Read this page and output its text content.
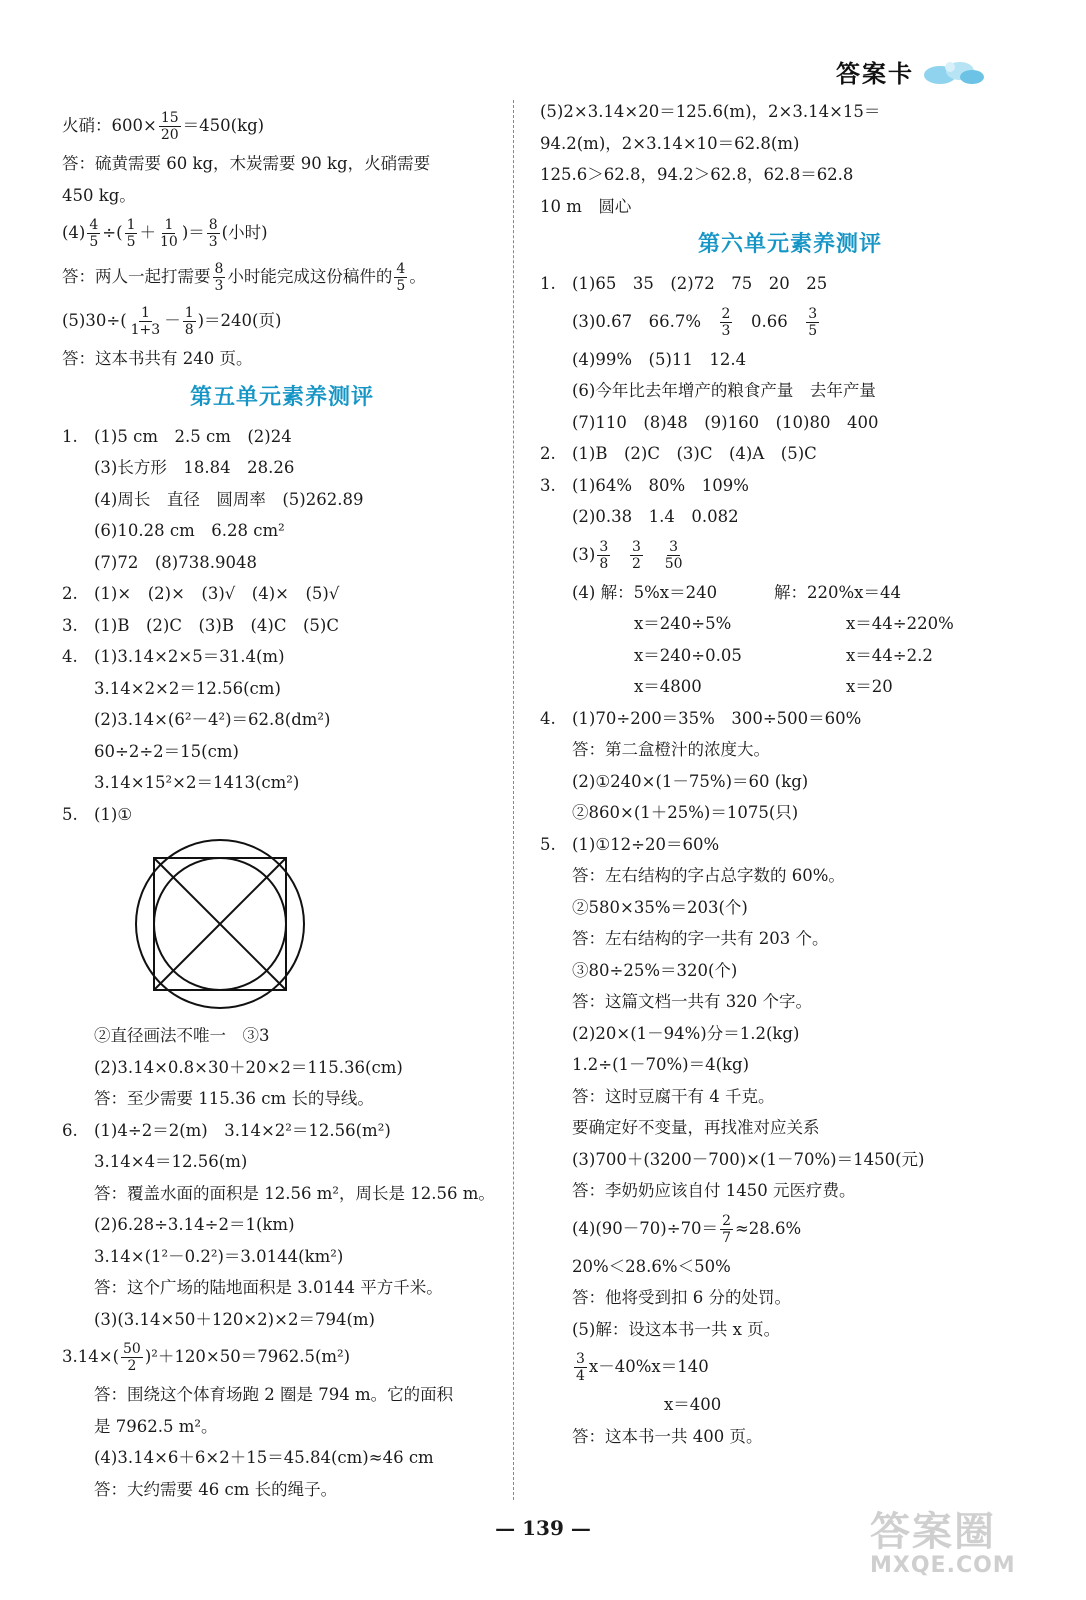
答案卡
火硝：$600\times \frac{15}{20} =450(kg)$
答：硫黄需要 60 kg，木炭需要 90 kg，火硝需要
450 kg。
$(4) \frac{4}{5}$ ÷( $\frac{1}{5} + \frac{1}{10}$ )＝ $\frac{8}{3}$ (小时)
答：两人一起打需要 $\frac{8}{3}$ 小时能完成这份稿件的 $\frac{4}{5}$ 。
$(5)30\div( \frac{1}{1+3} - \frac{1}{8} )=240$(页)
答：这本书共有 240 页。
第五单元素养测评
1. (1)5 cm　2.5 cm　(2)24
(3)长方形　18.84　28.26
(4)周长　直径　圆周率　(5)262.89
(6)10.28 cm　6.28 cm²
(7)72　(8)738.9048
2. (1)×　(2)×　(3)√　(4)×　(5)√
3. (1)B　(2)C　(3)B　(4)C　(5)C
4. (1)3.14×2×5＝31.4(m)
3.14×2×2＝12.56(cm)
(2)3.14×(6²－4²)＝62.8(dm²)
60÷2÷2＝15(cm)
3.14×15²×2＝1413(cm²)
5. (1)①
②直径画法不唯一　③3
(2)3.14×0.8×30＋20×2＝115.36(cm)
答：至少需要 115.36 cm 长的导线。
6. (1)4÷2＝2(m)　3.14×2²＝12.56(m²)
3.14×4＝12.56(m)
答：覆盖水面的面积是 12.56 m²，周长是 12.56 m。
(2)6.28÷3.14÷2＝1(km)
3.14×(1²－0.2²)＝3.0144(km²)
答：这个广场的陆地面积是 3.0144 平方千米。
(3)(3.14×50＋120×2)×2＝794(m)
$3.14\times( \frac{50}{2} )^2+120\times 50=7962.5(m^2)$
答：围绕这个体育场跑 2 圈是 794 m。它的面积
是 7962.5 m²。
(4)3.14×6＋6×2＋15＝45.84(cm)≈46 cm
答：大约需要 46 cm 长的绳子。
(5)2×3.14×20＝125.6(m)，2×3.14×15＝
94.2(m)，2×3.14×10＝62.8(m)
125.6＞62.8，94.2＞62.8，62.8＝62.8
10 m　圆心
第六单元素养测评
1. (1)65　35　(2)72　75　20　25
(3)0.6̇7̇　66.7%　 $\frac{2}{3}$ 　0.66　 $\frac{3}{5}$
(4)99%　(5)11　12.4
(6)今年比去年增产的粮食产量　去年产量
(7)110　(8)48　(9)160　(10)80　400
2. (1)B　(2)C　(3)C　(4)A　(5)C
3. (1)64%　80%　109%
(2)0.38　1.4　0.082
$(3) \frac{3}{8}$
$\frac{3}{2}$
$\frac{3}{50}$
(4) 解：5%x＝240
x＝240÷5%
x＝240÷0.05
x＝4800
解：220%x＝44
x＝44÷220%
x＝44÷2.2
x＝20
4. (1)70÷200＝35%　300÷500＝60%
答：第二盒橙汁的浓度大。
(2)①240×(1－75%)＝60 (kg)
②860×(1＋25%)＝1075(只)
5. (1)①12÷20＝60%
答：左右结构的字占总字数的 60%。
②580×35%＝203(个)
答：左右结构的字一共有 203 个。
③80÷25%＝320(个)
答：这篇文档一共有 320 个字。
(2)20×(1－94%)分＝1.2(kg)
1.2÷(1－70%)＝4(kg)
答：这时豆腐干有 4 千克。
要确定好不变量，再找准对应关系
(3)700＋(3200－700)×(1－70%)＝1450(元)
答：李奶奶应该自付 1450 元医疗费。
$(4)(90-70)\div 70= \frac{2}{7} \approx 28.6\%$
20%＜28.6%＜50%
答：他将受到扣 6 分的处罚。
(5)解：设这本书一共 x 页。
$\frac{3}{4} x-40\%x=140$
x＝400
答：这本书一共 400 页。
— 139 —	答案圈
MXQE.COM
